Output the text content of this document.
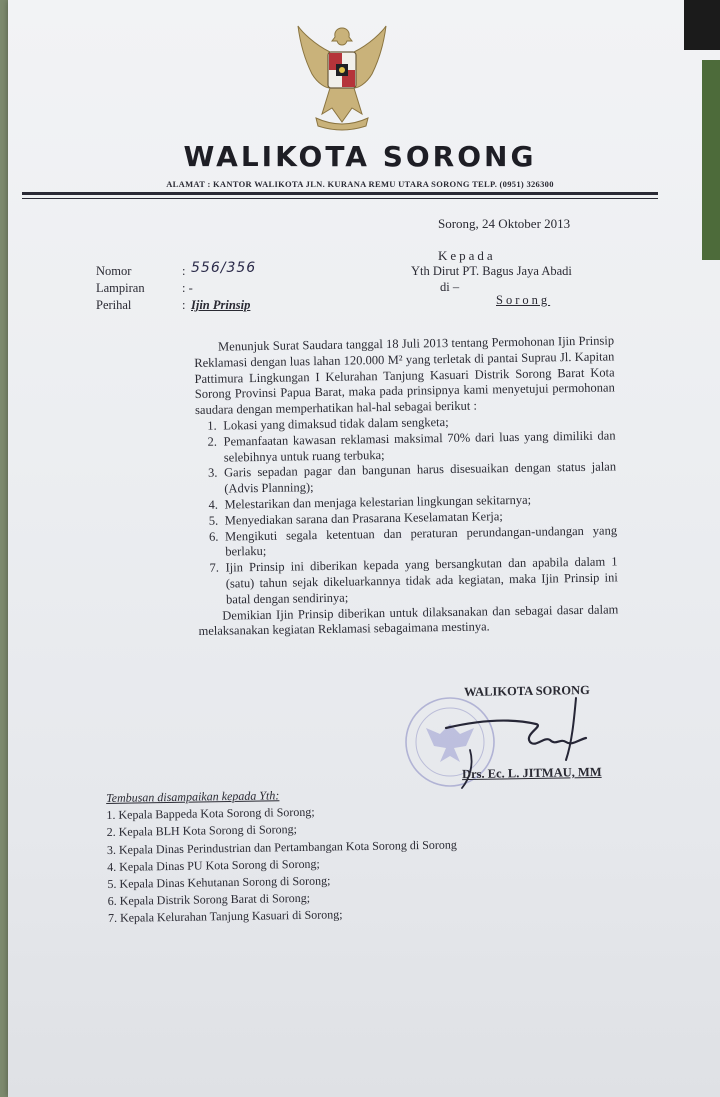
WALIKOTA SORONG
ALAMAT : KANTOR WALIKOTA JLN. KURANA REMU UTARA SORONG TELP. (0951) 326300
Sorong, 24 Oktober 2013
Kepada
Yth Dirut PT. Bagus Jaya Abadi
di –
Sorong
Nomor	: 556/356
Lampiran	: -
Perihal	: Ijin Prinsip

Menunjuk Surat Saudara tanggal 18 Juli 2013 tentang Permohonan Ijin Prinsip Reklamasi dengan luas lahan 120.000 M² yang terletak di pantai Suprau Jl. Kapitan Pattimura Lingkungan I Kelurahan Tanjung Kasuari Distrik Sorong Barat Kota Sorong Provinsi Papua Barat, maka pada prinsipnya kami menyetujui permohonan saudara dengan memperhatikan hal-hal sebagai berikut :

1. Lokasi yang dimaksud tidak dalam sengketa;
2. Pemanfaatan kawasan reklamasi maksimal 70% dari luas yang dimiliki dan selebihnya untuk ruang terbuka;
3. Garis sepadan pagar dan bangunan harus disesuaikan dengan status jalan (Advis Planning);
4. Melestarikan dan menjaga kelestarian lingkungan sekitarnya;
5. Menyediakan sarana dan Prasarana Keselamatan Kerja;
6. Mengikuti segala ketentuan dan peraturan perundangan-undangan yang berlaku;
7. Ijin Prinsip ini diberikan kepada yang bersangkutan dan apabila dalam 1 (satu) tahun sejak dikeluarkannya tidak ada kegiatan, maka Ijin Prinsip ini batal dengan sendirinya;

Demikian Ijin Prinsip diberikan untuk dilaksanakan dan sebagai dasar dalam melaksanakan kegiatan Reklamasi sebagaimana mestinya.

WALIKOTA SORONG
Drs. Ec. L. JITMAU, MM
Tembusan disampaikan kepada Yth:
1. Kepala Bappeda Kota Sorong di Sorong;
2. Kepala BLH Kota Sorong di Sorong;
3. Kepala Dinas Perindustrian dan Pertambangan Kota Sorong di Sorong
4. Kepala Dinas PU Kota Sorong di Sorong;
5. Kepala Dinas Kehutanan Sorong di Sorong;
6. Kepala Distrik Sorong Barat di Sorong;
7. Kepala Kelurahan Tanjung Kasuari di Sorong;
